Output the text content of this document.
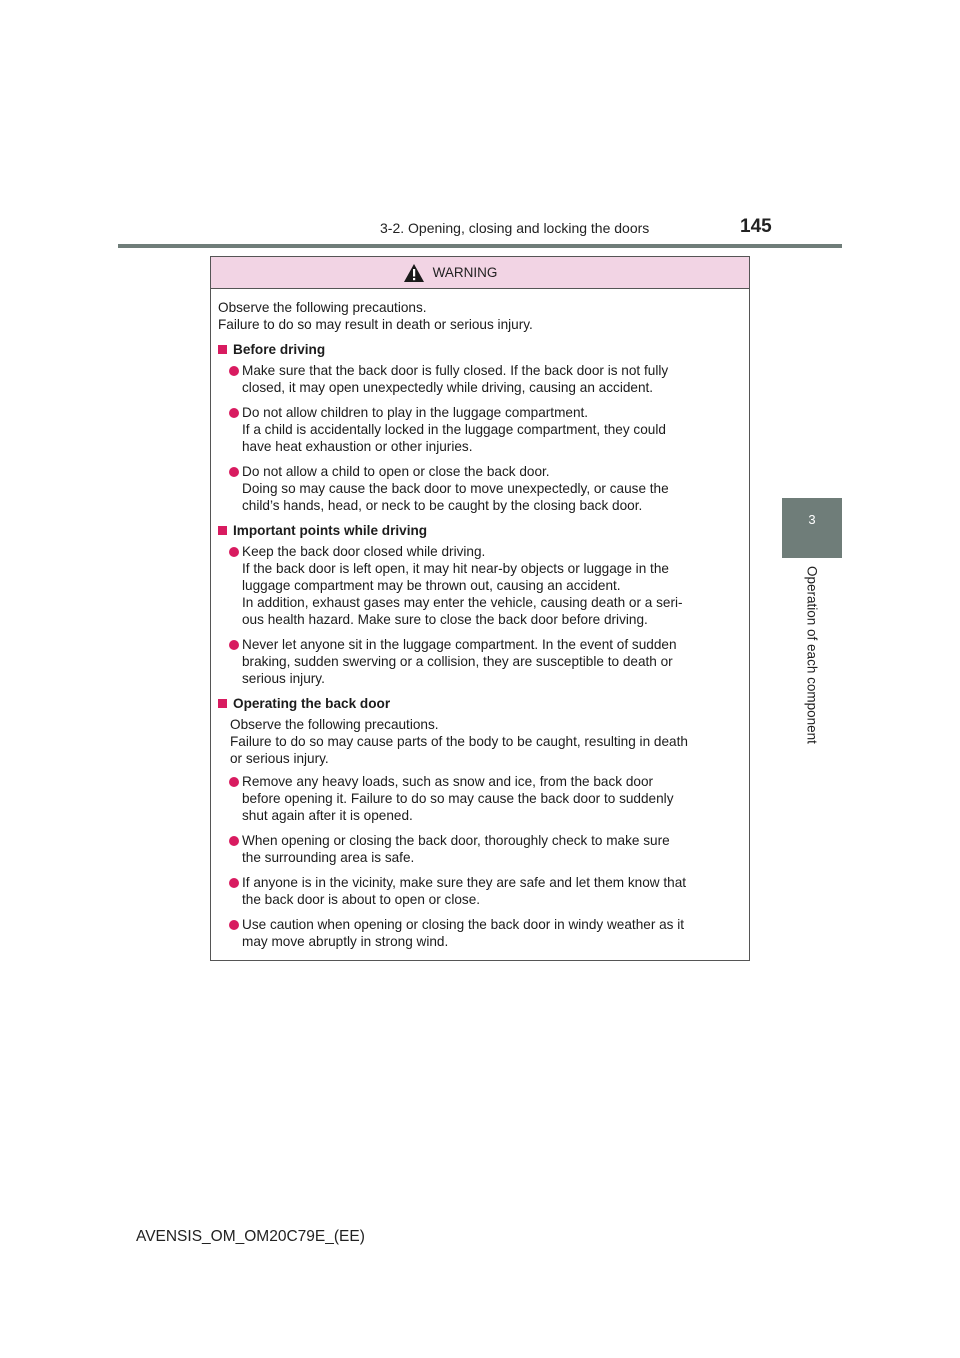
3-2. Opening, closing and locking the doors	145
3
Operation of each component
WARNING
Observe the following precautions.
Failure to do so may result in death or serious injury.
Before driving
Make sure that the back door is fully closed. If the back door is not fully
closed, it may open unexpectedly while driving, causing an accident.
Do not allow children to play in the luggage compartment.
If a child is accidentally locked in the luggage compartment, they could
have heat exhaustion or other injuries.
Do not allow a child to open or close the back door.
Doing so may cause the back door to move unexpectedly, or cause the
child’s hands, head, or neck to be caught by the closing back door.
Important points while driving
Keep the back door closed while driving.
If the back door is left open, it may hit near-by objects or luggage in the
luggage compartment may be thrown out, causing an accident.
In addition, exhaust gases may enter the vehicle, causing death or a seri-
ous health hazard. Make sure to close the back door before driving.
Never let anyone sit in the luggage compartment. In the event of sudden
braking, sudden swerving or a collision, they are susceptible to death or
serious injury.
Operating the back door
Observe the following precautions.
Failure to do so may cause parts of the body to be caught, resulting in death
or serious injury.
Remove any heavy loads, such as snow and ice, from the back door
before opening it. Failure to do so may cause the back door to suddenly
shut again after it is opened.
When opening or closing the back door, thoroughly check to make sure
the surrounding area is safe.
If anyone is in the vicinity, make sure they are safe and let them know that
the back door is about to open or close.
Use caution when opening or closing the back door in windy weather as it
may move abruptly in strong wind.
AVENSIS_OM_OM20C79E_(EE)
